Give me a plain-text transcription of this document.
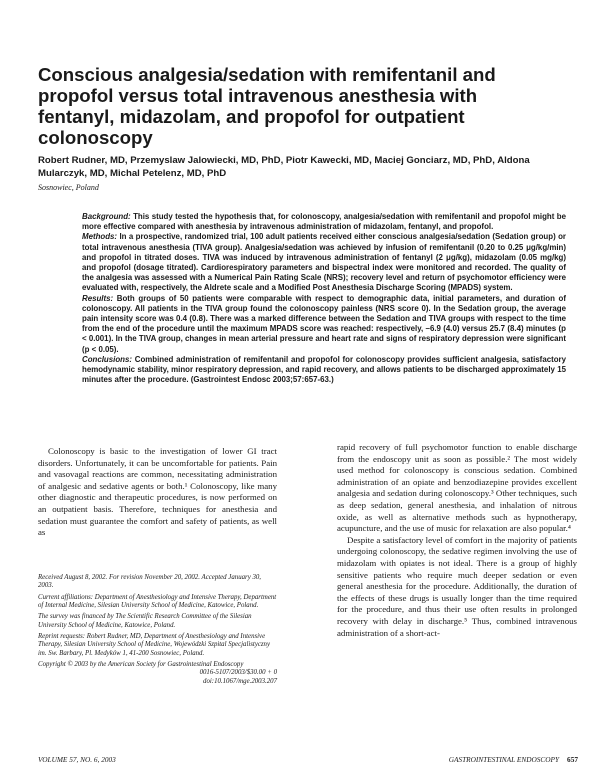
Conscious analgesia/sedation with remifentanil and propofol versus total intravenous anesthesia with fentanyl, midazolam, and propofol for outpatient colonoscopy

Robert Rudner, MD, Przemyslaw Jalowiecki, MD, PhD, Piotr Kawecki, MD, Maciej Gonciarz, MD, PhD, Aldona Mularczyk, MD, Michal Petelenz, MD, PhD

Sosnowiec, Poland

Background: This study tested the hypothesis that, for colonoscopy, analgesia/sedation with remifentanil and propofol might be more effective compared with anesthesia by intravenous administration of midazolam, fentanyl, and propofol.

Methods: In a prospective, randomized trial, 100 adult patients received either conscious analgesia/sedation (Sedation group) or total intravenous anesthesia (TIVA group). Analgesia/sedation was achieved by infusion of remifentanil (0.20 to 0.25 μg/kg/min) and propofol in titrated doses. TIVA was induced by intravenous administration of fentanyl (2 μg/kg), midazolam (0.05 mg/kg) and propofol (dosage titrated). Cardiorespiratory parameters and bispectral index were monitored and recorded. The quality of the analgesia was assessed with a Numerical Pain Rating Scale (NRS); recovery level and return of psychomotor efficiency were evaluated with, respectively, the Aldrete scale and a Modified Post Anesthesia Discharge Scoring (MPADS) system.

Results: Both groups of 50 patients were comparable with respect to demographic data, initial parameters, and duration of colonoscopy. All patients in the TIVA group found the colonoscopy painless (NRS score 0). In the Sedation group, the average pain intensity score was 0.4 (0.8). There was a marked difference between the Sedation and TIVA groups with respect to the time from the end of the procedure until the maximum MPADS score was reached: respectively, –6.9 (4.0) versus 25.7 (8.4) minutes (p < 0.001). In the TIVA group, changes in mean arterial pressure and heart rate and signs of respiratory depression were significant (p < 0.05).

Conclusions: Combined administration of remifentanil and propofol for colonoscopy provides sufficient analgesia, satisfactory hemodynamic stability, minor respiratory depression, and rapid recovery, and allows patients to be discharged approximately 15 minutes after the procedure. (Gastrointest Endosc 2003;57:657-63.)

Colonoscopy is basic to the investigation of lower GI tract disorders. Unfortunately, it can be uncomfortable for patients. Pain and vasovagal reactions are common, necessitating administration of analgesic and sedative agents or both.¹ Colonoscopy, like many other diagnostic and therapeutic procedures, is now performed on an outpatient basis. Therefore, techniques for anesthesia and sedation must guarantee the comfort and safety of patients, as well as

Received August 8, 2002. For revision November 20, 2002. Accepted January 30, 2003.

Current affiliations: Department of Anesthesiology and Intensive Therapy, Department of Internal Medicine, Silesian University School of Medicine, Katowice, Poland.

The survey was financed by The Scientific Research Committee of the Silesian University School of Medicine, Katowice, Poland.

Reprint requests: Robert Rudner, MD, Department of Anesthesiology and Intensive Therapy, Silesian University School of Medicine, Wojewódzki Szpital Specjalistyczny im. Sw. Barbary, Pl. Medyków 1, 41-200 Sosnowiec, Poland.

Copyright © 2003 by the American Society for Gastrointestinal Endoscopy
0016-5107/2003/$30.00 + 0
doi:10.1067/mge.2003.207

rapid recovery of full psychomotor function to enable discharge from the endoscopy unit as soon as possible.² The most widely used method for colonoscopy is conscious sedation. Combined administration of an opiate and benzodiazepine provides excellent analgesia and sedation during colonoscopy.³ Other techniques, such as deep sedation, general anesthesia, and inhalation of nitrous oxide, as well as alternative methods such as hypnotherapy, acupuncture, and the use of music for relaxation are also popular.⁴

Despite a satisfactory level of comfort in the majority of patients undergoing colonoscopy, the sedative regimen involving the use of midazolam with opiates is not ideal. There is a group of highly sensitive patients who require much deeper sedation or even general anesthesia for the procedure. Additionally, the duration of the effects of these drugs is usually longer than the time required for the procedure, and thus their use often results in prolonged recovery with delay in discharge.⁵ Thus, combined intravenous administration of a short-act-

VOLUME 57, NO. 6, 2003	GASTROINTESTINAL ENDOSCOPY 657
